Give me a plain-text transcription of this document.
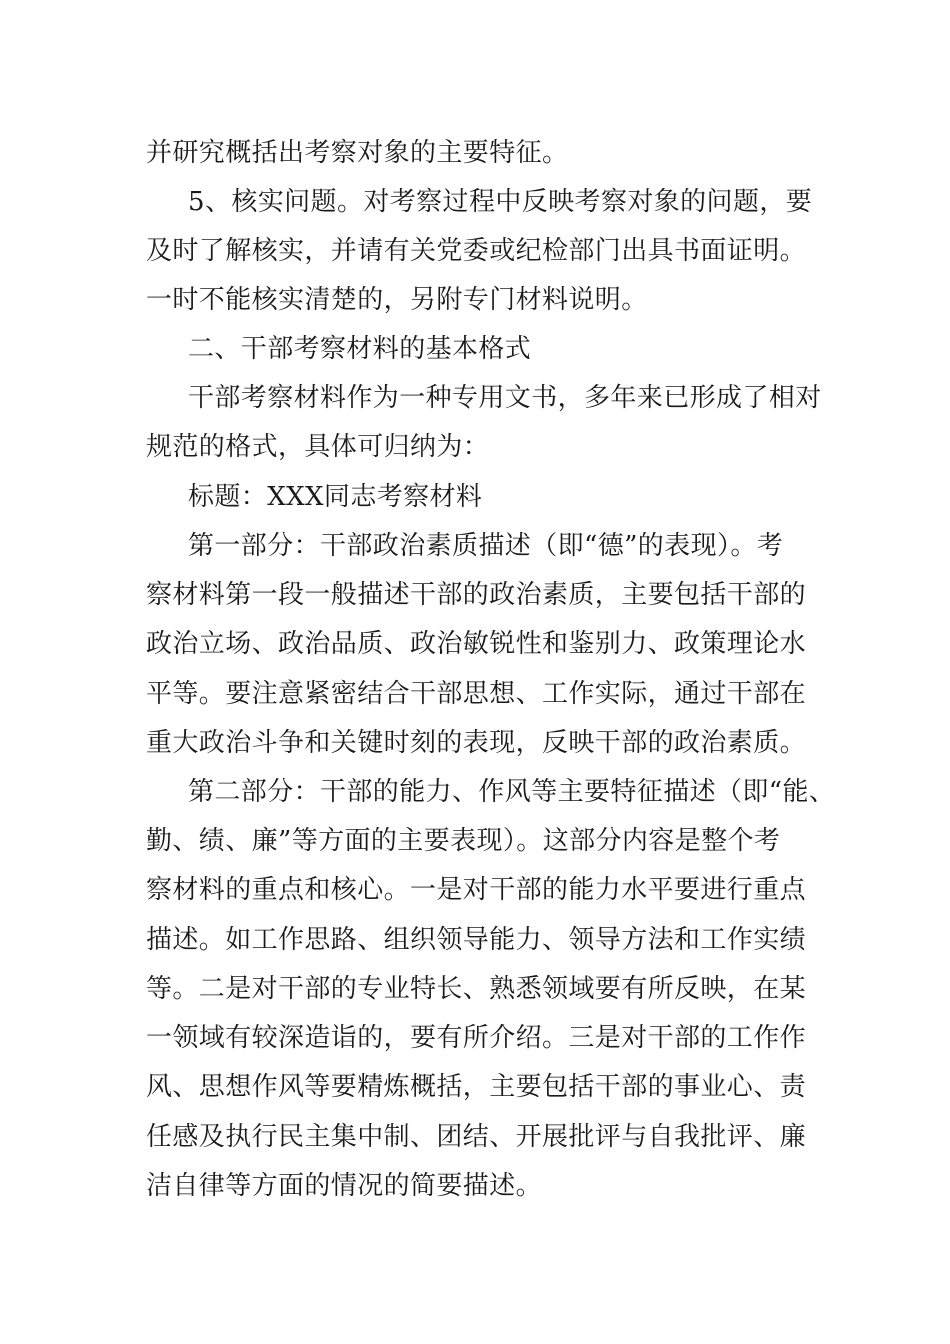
并研究概括出考察对象的主要特征。
5、核实问题。对考察过程中反映考察对象的问题，要
及时了解核实，并请有关党委或纪检部门出具书面证明。
一时不能核实清楚的，另附专门材料说明。
二、干部考察材料的基本格式
干部考察材料作为一种专用文书，多年来已形成了相对
规范的格式，具体可归纳为：
标题：XXX同志考察材料
第一部分：干部政治素质描述（即“德”的表现）。考
察材料第一段一般描述干部的政治素质，主要包括干部的
政治立场、政治品质、政治敏锐性和鉴别力、政策理论水
平等。要注意紧密结合干部思想、工作实际，通过干部在
重大政治斗争和关键时刻的表现，反映干部的政治素质。
第二部分：干部的能力、作风等主要特征描述（即“能、
勤、绩、廉”等方面的主要表现）。这部分内容是整个考
察材料的重点和核心。一是对干部的能力水平要进行重点
描述。如工作思路、组织领导能力、领导方法和工作实绩
等。二是对干部的专业特长、熟悉领域要有所反映，在某
一领域有较深造诣的，要有所介绍。三是对干部的工作作
风、思想作风等要精炼概括，主要包括干部的事业心、责
任感及执行民主集中制、团结、开展批评与自我批评、廉
洁自律等方面的情况的简要描述。
